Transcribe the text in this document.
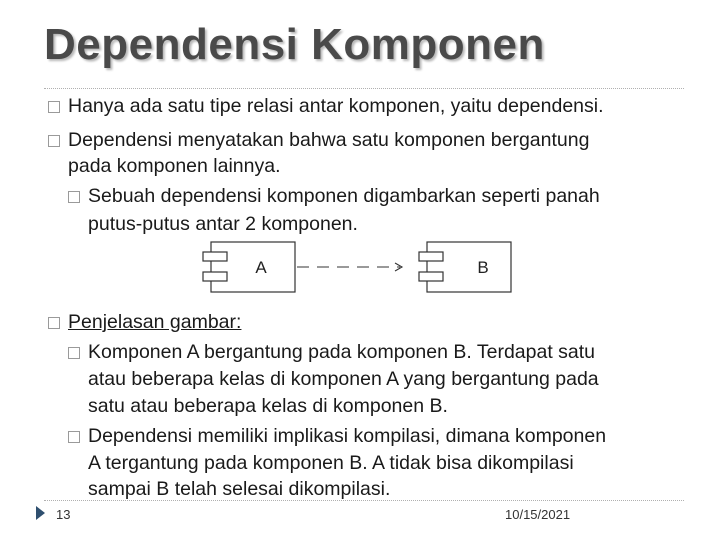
Dependensi Komponen
Hanya ada satu tipe relasi antar komponen, yaitu dependensi.
Dependensi menyatakan bahwa satu komponen bergantung
pada komponen lainnya.
Sebuah dependensi komponen digambarkan seperti panah
putus-putus antar 2 komponen.
A	B
Penjelasan gambar:
Komponen A bergantung pada komponen B. Terdapat satu
atau beberapa kelas di komponen A yang bergantung pada
satu atau beberapa kelas di komponen B.
Dependensi memiliki implikasi kompilasi, dimana komponen
A tergantung pada komponen B. A tidak bisa dikompilasi
sampai B telah selesai dikompilasi.
13	10/15/2021
